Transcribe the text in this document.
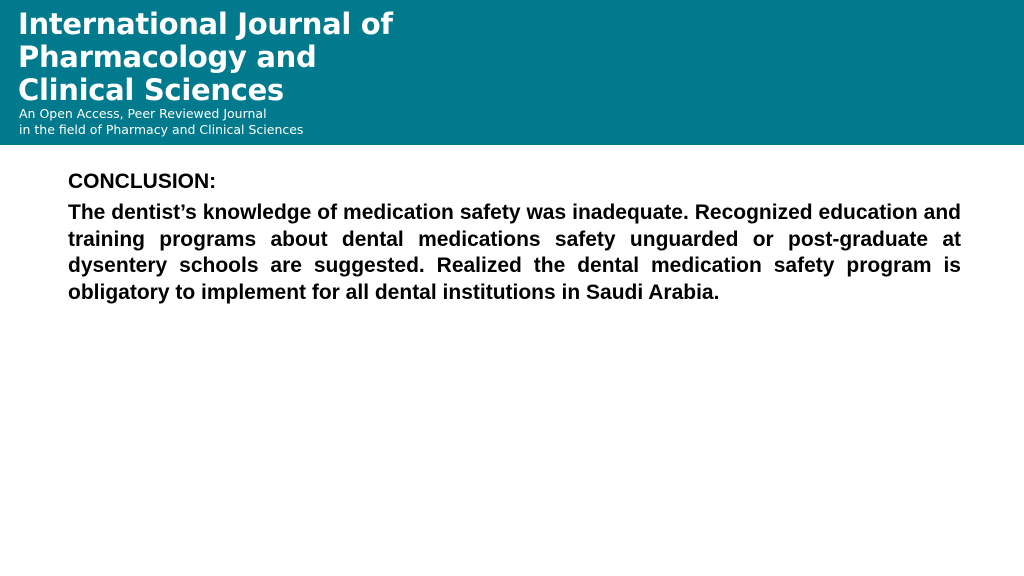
International Journal of
Pharmacology and
Clinical Sciences
An Open Access, Peer Reviewed Journal
in the field of Pharmacy and Clinical Sciences
CONCLUSION:

The dentist’s knowledge of medication safety was inadequate. Recognized education and training programs about dental medications safety unguarded or post-graduate at dysentery schools are suggested. Realized the dental medication safety program is obligatory to implement for all dental institutions in Saudi Arabia.
